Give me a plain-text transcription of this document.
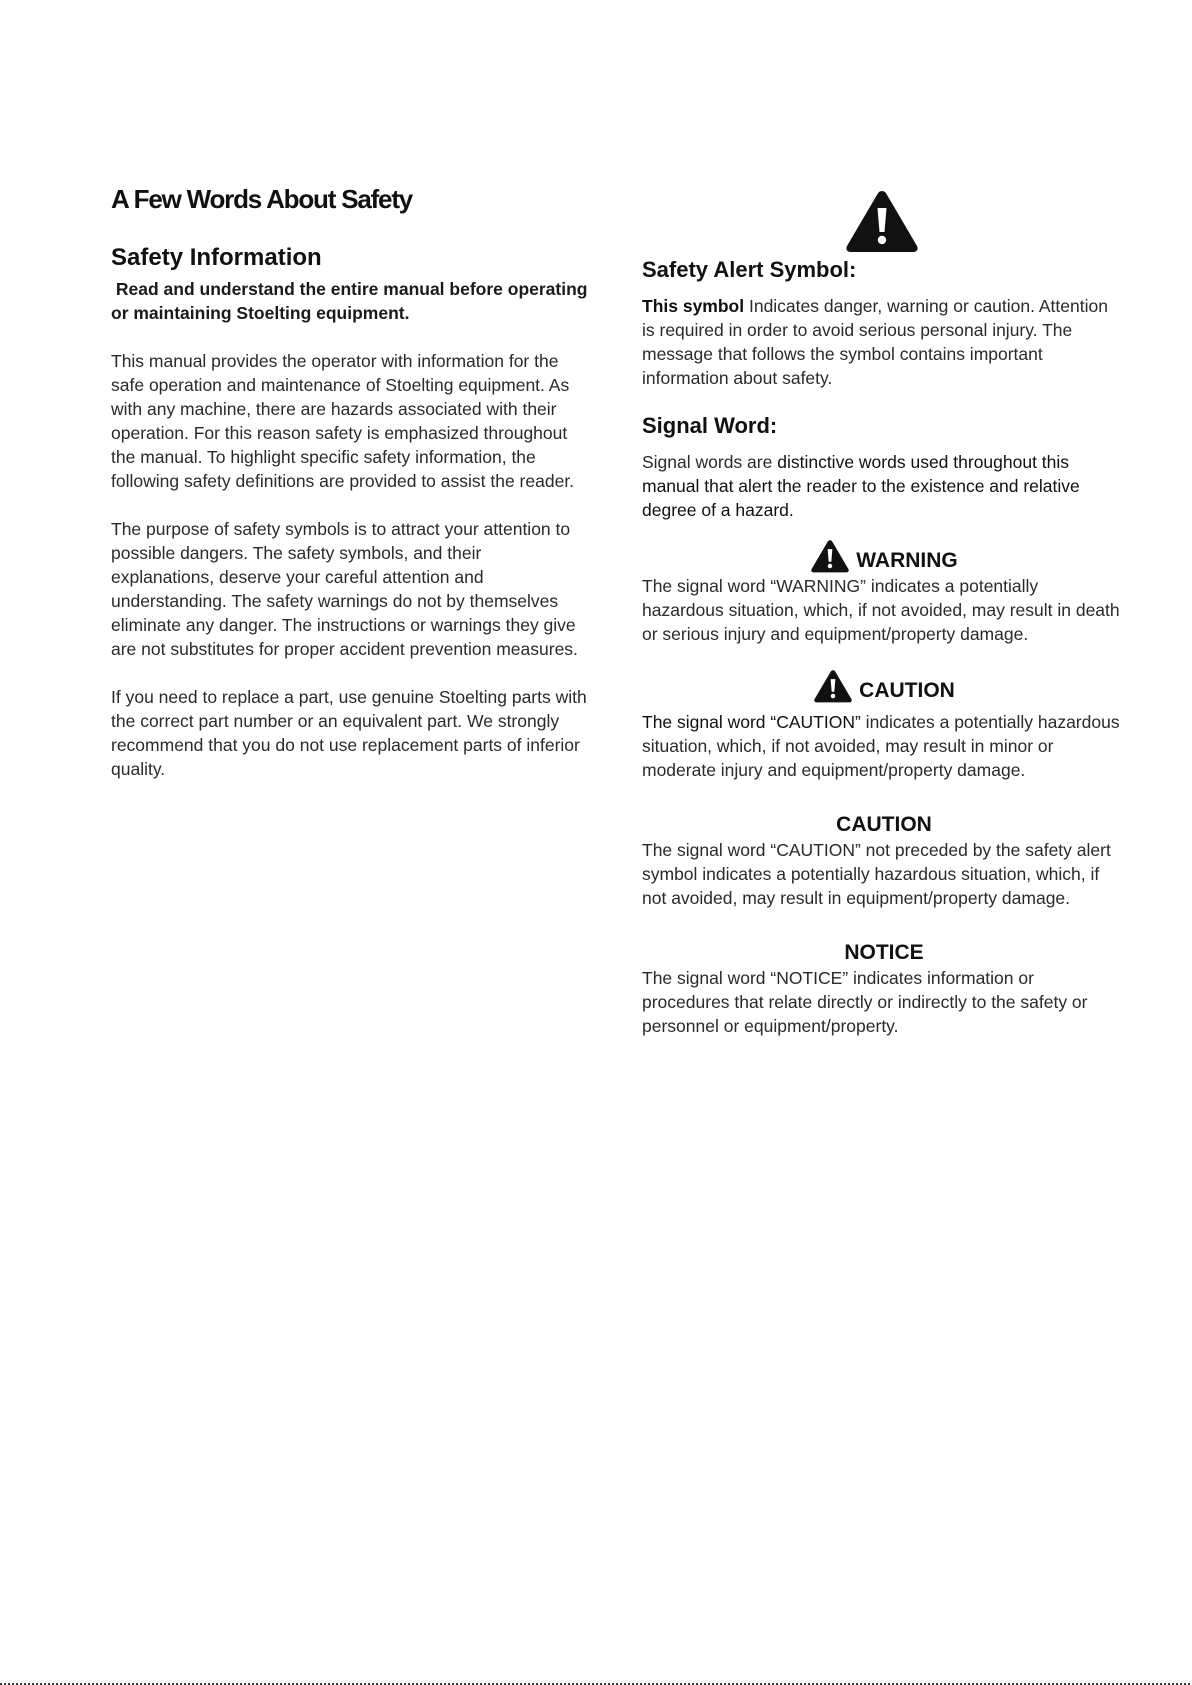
A Few Words About Safety
Safety Information

Read and understand the entire manual before operating or maintaining Stoelting equipment.

This manual provides the operator with information for the safe operation and maintenance of Stoelting equipment. As with any machine, there are hazards associated with their operation. For this reason safety is emphasized throughout the manual. To highlight specific safety information, the following safety definitions are provided to assist the reader.

The purpose of safety symbols is to attract your attention to possible dangers. The safety symbols, and their explanations, deserve your careful attention and understanding. The safety warnings do not by themselves eliminate any danger. The instructions or warnings they give are not substitutes for proper accident prevention measures.

If you need to replace a part, use genuine Stoelting parts with the correct part number or an equivalent part. We strongly recommend that you do not use replacement parts of inferior quality.

Safety Alert Symbol:

This symbol Indicates danger, warning or caution. Attention is required in order to avoid serious personal injury. The message that follows the symbol contains important information about safety.

Signal Word:

Signal words are distinctive words used throughout this manual that alert the reader to the existence and relative degree of a hazard.

WARNING

The signal word “WARNING” indicates a potentially hazardous situation, which, if not avoided, may result in death or serious injury and equipment/property damage.

CAUTION

The signal word “CAUTION” indicates a potentially hazardous situation, which, if not avoided, may result in minor or moderate injury and equipment/property damage.

CAUTION

The signal word “CAUTION” not preceded by the safety alert symbol indicates a potentially hazardous situation, which, if not avoided, may result in equipment/property damage.

NOTICE

The signal word “NOTICE” indicates information or procedures that relate directly or indirectly to the safety or personnel or equipment/property.
